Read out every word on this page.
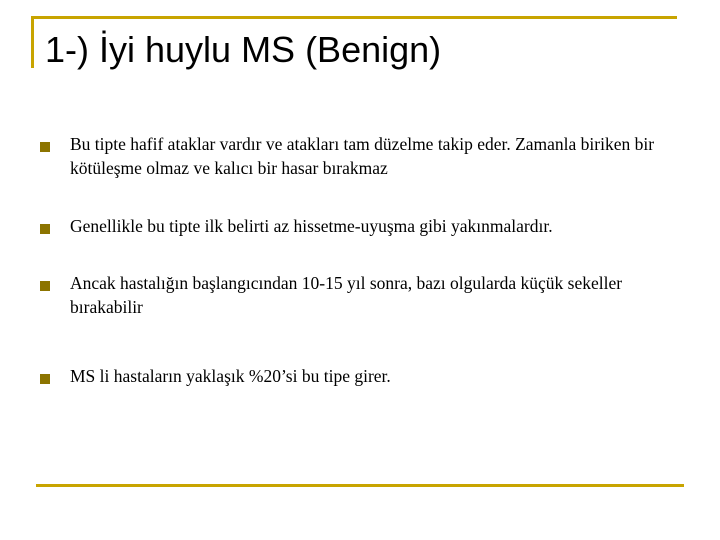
1-) İyi huylu MS (Benign)
Bu tipte hafif ataklar vardır ve atakları tam düzelme takip eder. Zamanla biriken bir kötüleşme olmaz ve kalıcı bir hasar bırakmaz
Genellikle bu tipte ilk belirti az hissetme-uyuşma gibi yakınmalardır.
Ancak hastalığın başlangıcından 10-15 yıl sonra, bazı olgularda küçük sekeller bırakabilir
MS li hastaların yaklaşık %20’si bu tipe girer.
